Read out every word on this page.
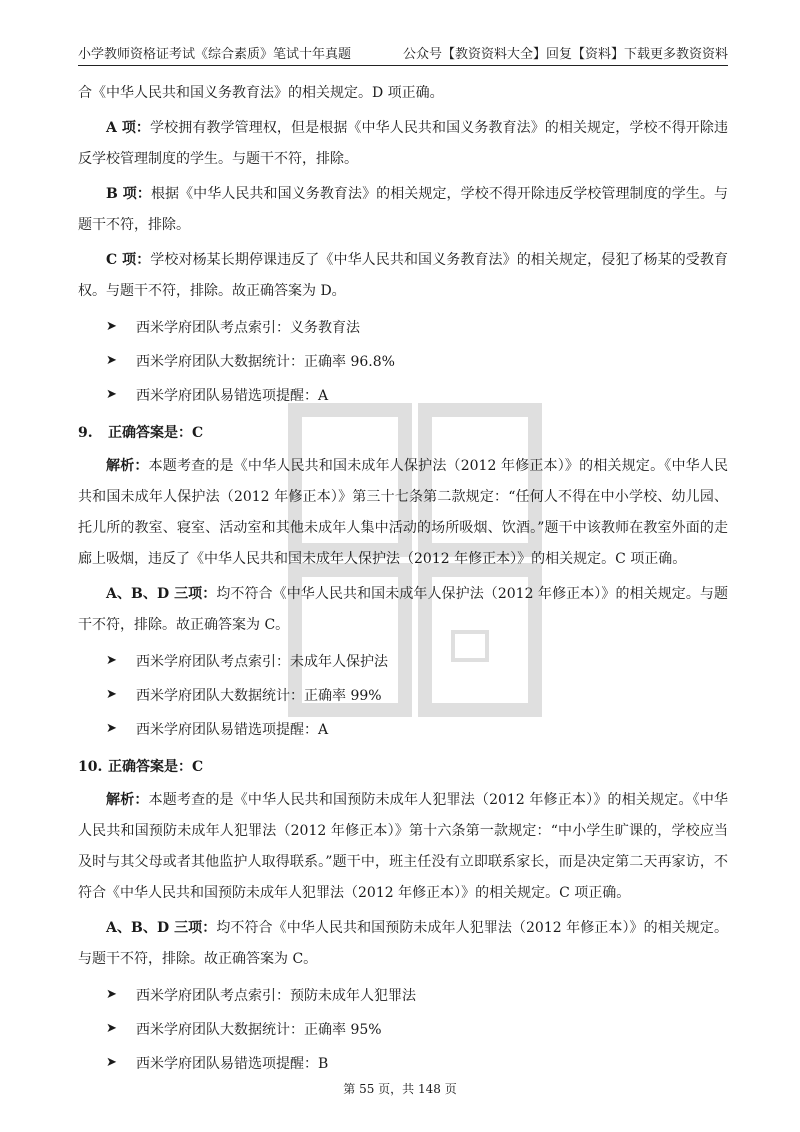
小学教师资格证考试《综合素质》笔试十年真题	公众号【教资资料大全】回复【资料】下载更多教资资料

合《中华人民共和国义务教育法》的相关规定。D 项正确。

A 项：学校拥有教学管理权，但是根据《中华人民共和国义务教育法》的相关规定，学校不得开除违反学校管理制度的学生。与题干不符，排除。

B 项：根据《中华人民共和国义务教育法》的相关规定，学校不得开除违反学校管理制度的学生。与题干不符，排除。

C 项：学校对杨某长期停课违反了《中华人民共和国义务教育法》的相关规定，侵犯了杨某的受教育权。与题干不符，排除。故正确答案为 D。

➤	西米学府团队考点索引：义务教育法
➤	西米学府团队大数据统计：正确率 96.8%
➤	西米学府团队易错选项提醒：A
9. 正确答案是：C

解析：本题考查的是《中华人民共和国未成年人保护法（2012 年修正本）》的相关规定。《中华人民共和国未成年人保护法（2012 年修正本）》第三十七条第二款规定：“任何人不得在中小学校、幼儿园、托儿所的教室、寝室、活动室和其他未成年人集中活动的场所吸烟、饮酒。”题干中该教师在教室外面的走廊上吸烟，违反了《中华人民共和国未成年人保护法（2012 年修正本）》的相关规定。C 项正确。

A、B、D 三项：均不符合《中华人民共和国未成年人保护法（2012 年修正本）》的相关规定。与题干不符，排除。故正确答案为 C。

➤	西米学府团队考点索引：未成年人保护法
➤	西米学府团队大数据统计：正确率 99%
➤	西米学府团队易错选项提醒：A
10. 正确答案是：C

解析：本题考查的是《中华人民共和国预防未成年人犯罪法（2012 年修正本）》的相关规定。《中华人民共和国预防未成年人犯罪法（2012 年修正本）》第十六条第一款规定：“中小学生旷课的，学校应当及时与其父母或者其他监护人取得联系。”题干中，班主任没有立即联系家长，而是决定第二天再家访，不符合《中华人民共和国预防未成年人犯罪法（2012 年修正本）》的相关规定。C 项正确。

A、B、D 三项：均不符合《中华人民共和国预防未成年人犯罪法（2012 年修正本）》的相关规定。与题干不符，排除。故正确答案为 C。

➤	西米学府团队考点索引：预防未成年人犯罪法
➤	西米学府团队大数据统计：正确率 95%
➤	西米学府团队易错选项提醒：B
第 55 页，共 148 页
